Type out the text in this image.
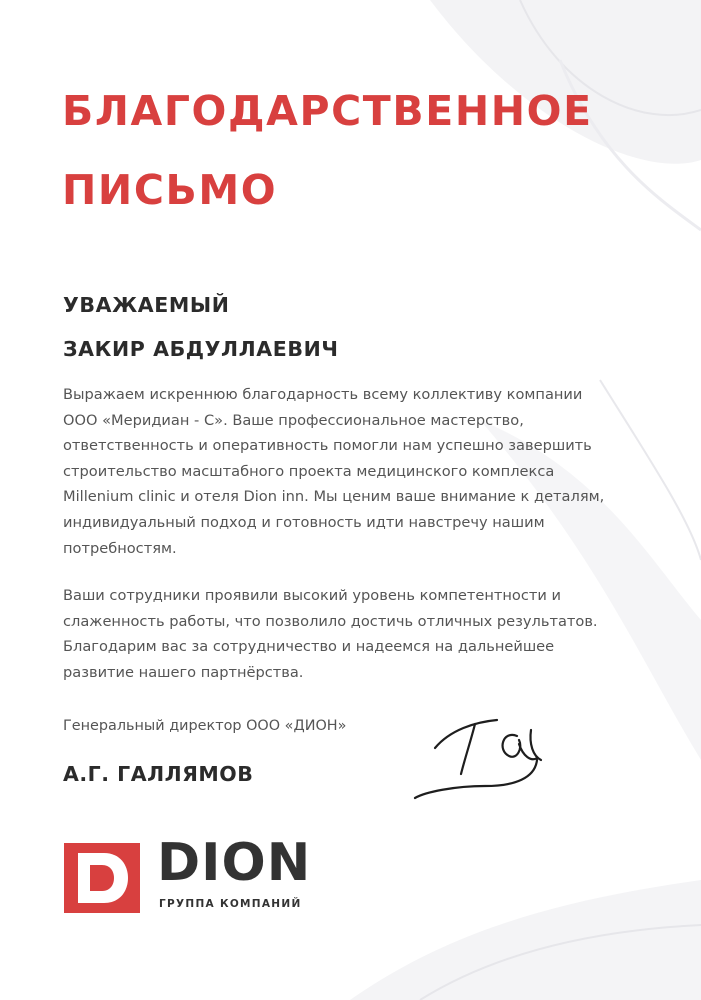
БЛАГОДАРСТВЕННОЕ
ПИСЬМО
УВАЖАЕМЫЙ
ЗАКИР АБДУЛЛАЕВИЧ

Выражаем искреннюю благодарность всему коллективу компании
ООО «Меридиан - С». Ваше профессиональное мастерство,
ответственность и оперативность помогли нам успешно завершить
строительство масштабного проекта медицинского комплекса
Millenium clinic и отеля Dion inn. Мы ценим ваше внимание к деталям,
индивидуальный подход и готовность идти навстречу нашим
потребностям.

Ваши сотрудники проявили высокий уровень компетентности и
слаженность работы, что позволило достичь отличных результатов.
Благодарим вас за сотрудничество и надеемся на дальнейшее
развитие нашего партнёрства.

Генеральный директор ООО «ДИОН»
А.Г. ГАЛЛЯМОВ
DION
ГРУППА КОМПАНИЙ
